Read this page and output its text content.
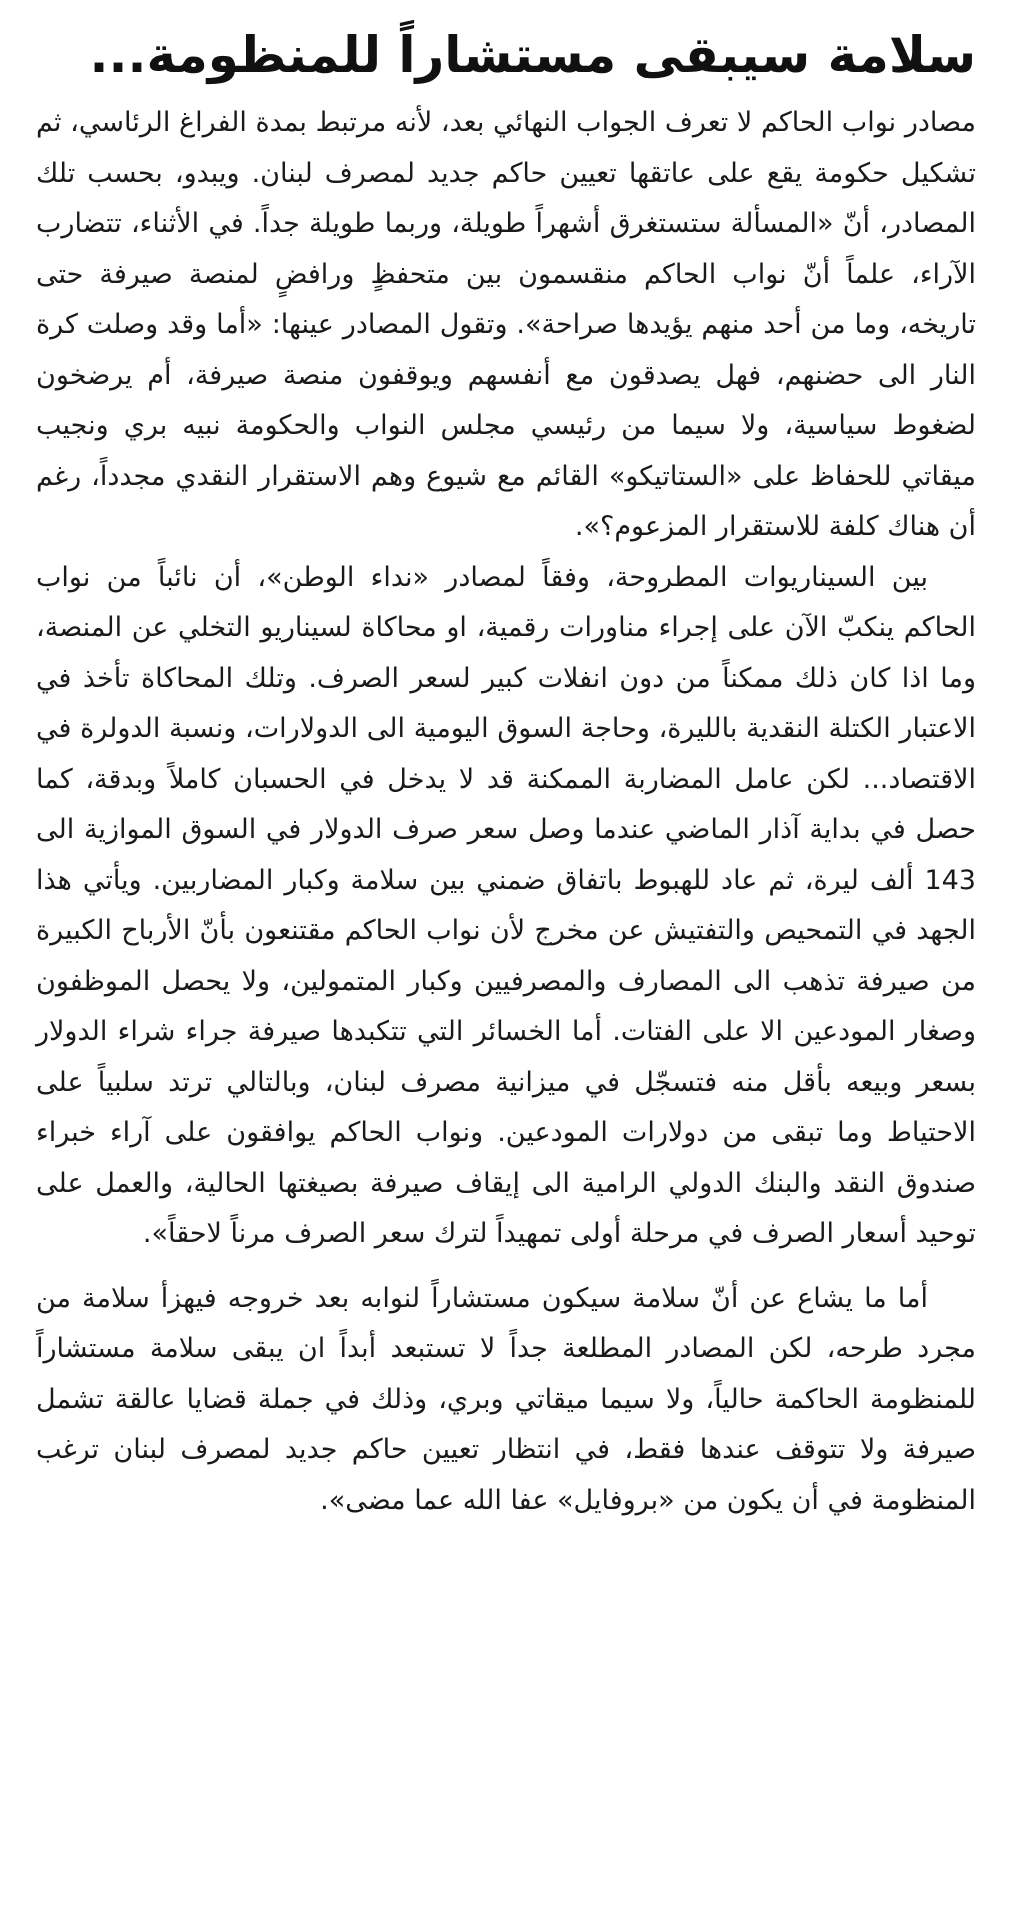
سلامة سيبقى مستشاراً للمنظومة...

مصادر نواب الحاكم لا تعرف الجواب النهائي بعد، لأنه مرتبط بمدة الفراغ الرئاسي، ثم تشكيل حكومة يقع على عاتقها تعيين حاكم جديد لمصرف لبنان. ويبدو، بحسب تلك المصادر، أنّ «المسألة ستستغرق أشهراً طويلة، وربما طويلة جداً. في الأثناء، تتضارب الآراء، علماً أنّ نواب الحاكم منقسمون بين متحفظٍ ورافضٍ لمنصة صيرفة حتى تاريخه، وما من أحد منهم يؤيدها صراحة». وتقول المصادر عينها: «أما وقد وصلت كرة النار الى حضنهم، فهل يصدقون مع أنفسهم ويوقفون منصة صيرفة، أم يرضخون لضغوط سياسية، ولا سيما من رئيسي مجلس النواب والحكومة نبيه بري ونجيب ميقاتي للحفاظ على «الستاتيكو» القائم مع شيوع وهم الاستقرار النقدي مجدداً، رغم أن هناك كلفة للاستقرار المزعوم؟».

بين السيناريوات المطروحة، وفقاً لمصادر «نداء الوطن»، أن نائباً من نواب الحاكم ينكبّ الآن على إجراء مناورات رقمية، او محاكاة لسيناريو التخلي عن المنصة، وما اذا كان ذلك ممكناً من دون انفلات كبير لسعر الصرف. وتلك المحاكاة تأخذ في الاعتبار الكتلة النقدية بالليرة، وحاجة السوق اليومية الى الدولارات، ونسبة الدولرة في الاقتصاد... لكن عامل المضاربة الممكنة قد لا يدخل في الحسبان كاملاً وبدقة، كما حصل في بداية آذار الماضي عندما وصل سعر صرف الدولار في السوق الموازية الى 143 ألف ليرة، ثم عاد للهبوط باتفاق ضمني بين سلامة وكبار المضاربين. ويأتي هذا الجهد في التمحيص والتفتيش عن مخرج لأن نواب الحاكم مقتنعون بأنّ الأرباح الكبيرة من صيرفة تذهب الى المصارف والمصرفيين وكبار المتمولين، ولا يحصل الموظفون وصغار المودعين الا على الفتات. أما الخسائر التي تتكبدها صيرفة جراء شراء الدولار بسعر وبيعه بأقل منه فتسجّل في ميزانية مصرف لبنان، وبالتالي ترتد سلبياً على الاحتياط وما تبقى من دولارات المودعين. ونواب الحاكم يوافقون على آراء خبراء صندوق النقد والبنك الدولي الرامية الى إيقاف صيرفة بصيغتها الحالية، والعمل على توحيد أسعار الصرف في مرحلة أولى تمهيداً لترك سعر الصرف مرناً لاحقاً».

أما ما يشاع عن أنّ سلامة سيكون مستشاراً لنوابه بعد خروجه فيهزأ سلامة من مجرد طرحه، لكن المصادر المطلعة جداً لا تستبعد أبداً ان يبقى سلامة مستشاراً للمنظومة الحاكمة حالياً، ولا سيما ميقاتي وبري، وذلك في جملة قضايا عالقة تشمل صيرفة ولا تتوقف عندها فقط، في انتظار تعيين حاكم جديد لمصرف لبنان ترغب المنظومة في أن يكون من «بروفايل» عفا الله عما مضى».
